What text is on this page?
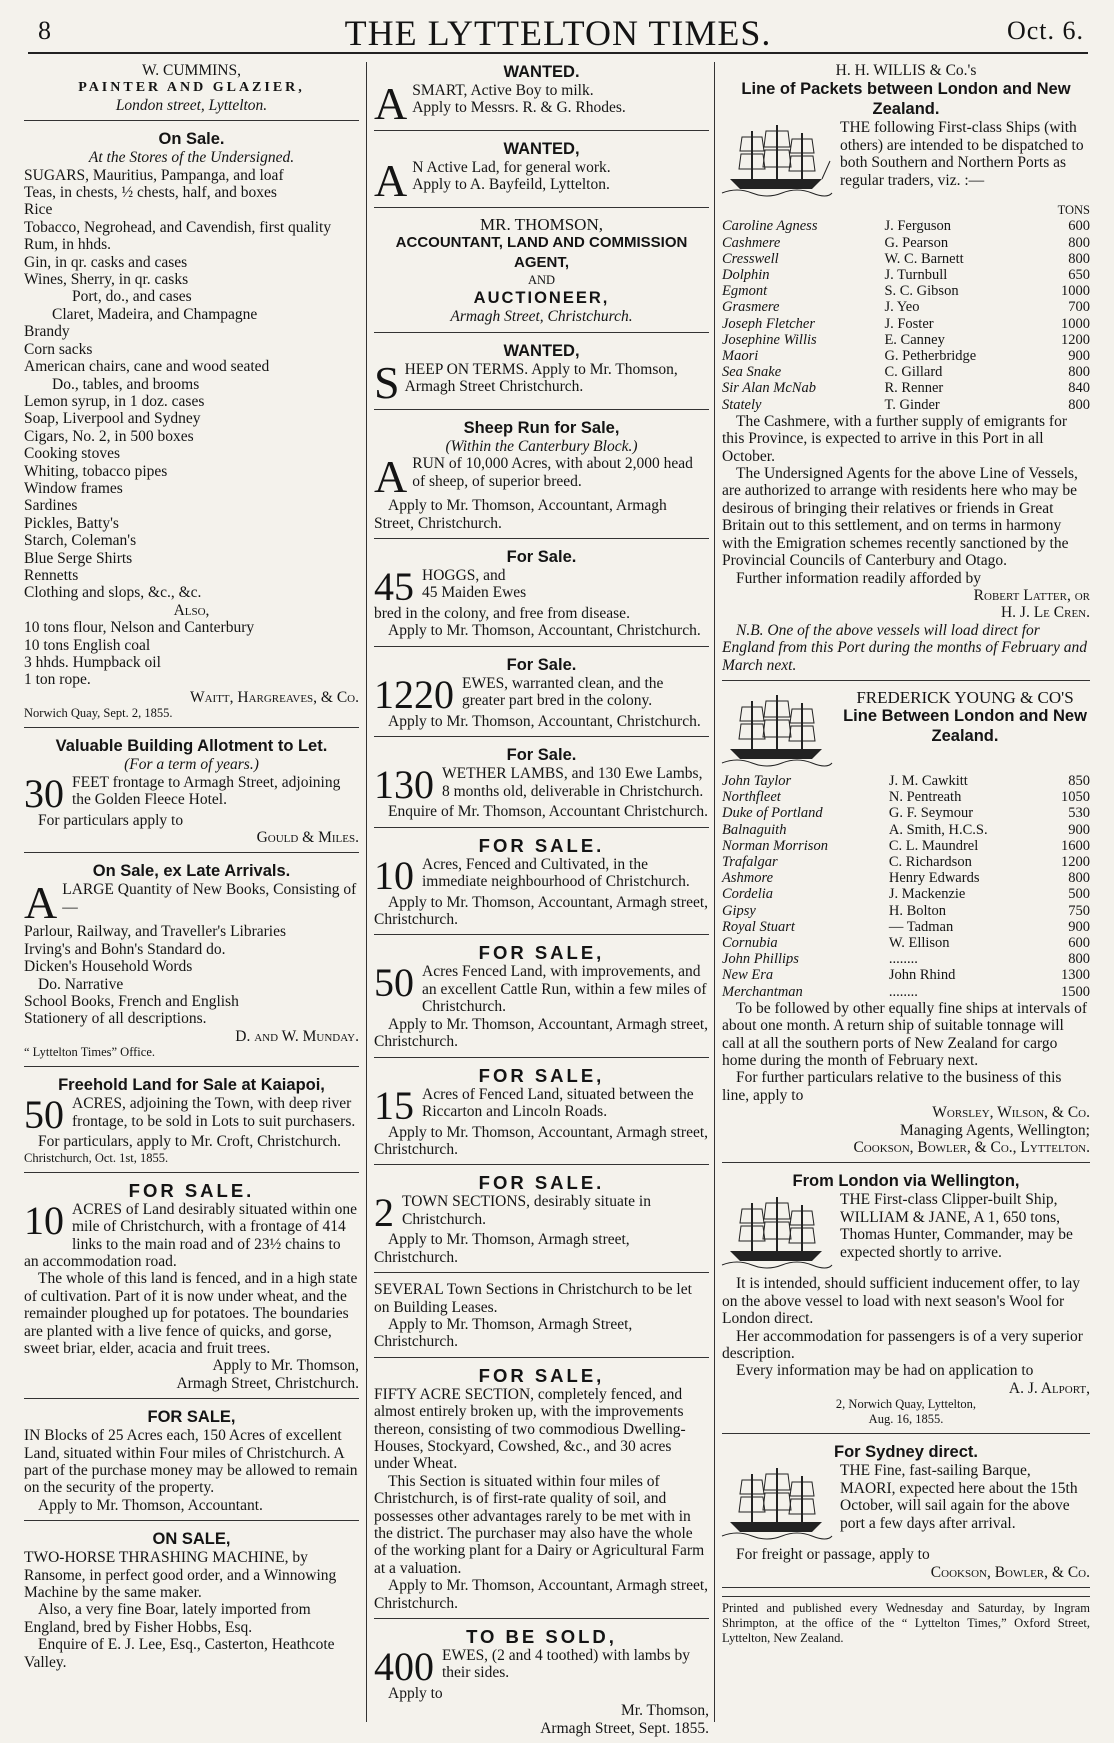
8	THE LYTTELTON TIMES.	Oct. 6.
W. CUMMINS,
PAINTER AND GLAZIER,
London street, Lyttelton.
On Sale.
At the Stores of the Undersigned.
SUGARS, Mauritius, Pampanga, and loaf
Teas, in chests, ½ chests, half, and boxes
Rice
Tobacco, Negrohead, and Cavendish, first quality
Rum, in hhds.
Gin, in qr. casks and cases
Wines, Sherry, in qr. casks
Port, do., and cases
Claret, Madeira, and Champagne
Brandy
Corn sacks
American chairs, cane and wood seated
Do., tables, and brooms
Lemon syrup, in 1 doz. cases
Soap, Liverpool and Sydney
Cigars, No. 2, in 500 boxes
Cooking stoves
Whiting, tobacco pipes
Window frames
Sardines
Pickles, Batty's
Starch, Coleman's
Blue Serge Shirts
Rennetts
Clothing and slops, &c., &c.
Also,
10 tons flour, Nelson and Canterbury
10 tons English coal
3 hhds. Humpback oil
1 ton rope.
Waitt, Hargreaves, & Co.
Norwich Quay, Sept. 2, 1855.
Valuable Building Allotment to Let.
(For a term of years.)
30 FEET frontage to Armagh Street, adjoining the Golden Fleece Hotel.
For particulars apply to
Gould & Miles.
On Sale, ex Late Arrivals.
A LARGE Quantity of New Books, Consisting of—
Parlour, Railway, and Traveller's Libraries
Irving's and Bohn's Standard do.
Dicken's Household Words
Do. Narrative
School Books, French and English
Stationery of all descriptions.
D. and W. Munday.
“ Lyttelton Times” Office.
Freehold Land for Sale at Kaiapoi,
50 ACRES, adjoining the Town, with deep river frontage, to be sold in Lots to suit purchasers.
For particulars, apply to Mr. Croft, Christchurch.
Christchurch, Oct. 1st, 1855.
FOR SALE.
10 ACRES of Land desirably situated within one mile of Christchurch, with a frontage of 414 links to the main road and of 23½ chains to an accommodation road.
The whole of this land is fenced, and in a high state of cultivation. Part of it is now under wheat, and the remainder ploughed up for potatoes. The boundaries are planted with a live fence of quicks, and gorse, sweet briar, elder, acacia and fruit trees.
Apply to Mr. Thomson,
Armagh Street, Christchurch.
FOR SALE,
IN Blocks of 25 Acres each, 150 Acres of excellent Land, situated within Four miles of Christchurch. A part of the purchase money may be allowed to remain on the security of the property.
Apply to Mr. Thomson, Accountant.
ON SALE,
TWO-HORSE THRASHING MACHINE, by Ransome, in perfect good order, and a Winnowing Machine by the same maker.
Also, a very fine Boar, lately imported from England, bred by Fisher Hobbs, Esq.
Enquire of E. J. Lee, Esq., Casterton, Heathcote Valley.
WANTED.
A SMART, Active Boy to milk.
Apply to Messrs. R. & G. Rhodes.
WANTED,
A N Active Lad, for general work.
Apply to A. Bayfeild, Lyttelton.
MR. THOMSON,
ACCOUNTANT, LAND AND COMMISSION AGENT,
AND
AUCTIONEER,
Armagh Street, Christchurch.
WANTED,
S HEEP ON TERMS. Apply to Mr. Thomson, Armagh Street Christchurch.
Sheep Run for Sale,
(Within the Canterbury Block.)
A RUN of 10,000 Acres, with about 2,000 head of sheep, of superior breed.
Apply to Mr. Thomson, Accountant, Armagh Street, Christchurch.
For Sale.
45 HOGGS, and
45 Maiden Ewes
bred in the colony, and free from disease.
Apply to Mr. Thomson, Accountant, Christchurch.
For Sale.
1220 EWES, warranted clean, and the greater part bred in the colony.
Apply to Mr. Thomson, Accountant, Christchurch.
For Sale.
130 WETHER LAMBS, and 130 Ewe Lambs, 8 months old, deliverable in Christchurch.
Enquire of Mr. Thomson, Accountant Christchurch.
FOR SALE.
10 Acres, Fenced and Cultivated, in the immediate neighbourhood of Christchurch.
Apply to Mr. Thomson, Accountant, Armagh street, Christchurch.
FOR SALE,
50 Acres Fenced Land, with improvements, and an excellent Cattle Run, within a few miles of Christchurch.
Apply to Mr. Thomson, Accountant, Armagh street, Christchurch.
FOR SALE,
15 Acres of Fenced Land, situated between the Riccarton and Lincoln Roads.
Apply to Mr. Thomson, Accountant, Armagh street, Christchurch.
FOR SALE.
2 TOWN SECTIONS, desirably situate in Christchurch.
Apply to Mr. Thomson, Armagh street, Christchurch.
SEVERAL Town Sections in Christchurch to be let on Building Leases.
Apply to Mr. Thomson, Armagh Street, Christchurch.
FOR SALE,
FIFTY ACRE SECTION, completely fenced, and almost entirely broken up, with the improvements thereon, consisting of two commodious Dwelling-Houses, Stockyard, Cowshed, &c., and 30 acres under Wheat.
This Section is situated within four miles of Christchurch, is of first-rate quality of soil, and possesses other advantages rarely to be met with in the district. The purchaser may also have the whole of the working plant for a Dairy or Agricultural Farm at a valuation.
Apply to Mr. Thomson, Accountant, Armagh street, Christchurch.
TO BE SOLD,
400 EWES, (2 and 4 toothed) with lambs by their sides.
Apply to
Mr. Thomson,
Armagh Street, Sept. 1855.
H. H. WILLIS & Co.'s
Line of Packets between London and New Zealand.
THE following First-class Ships (with others) are intended to be dispatched to both Southern and Northern Ports as regular traders, viz. :—
TONS
Caroline Agness	J. Ferguson	600
Cashmere	G. Pearson	800
Cresswell	W. C. Barnett	800
Dolphin	J. Turnbull	650
Egmont	S. C. Gibson	1000
Grasmere	J. Yeo	700
Joseph Fletcher	J. Foster	1000
Josephine Willis	E. Canney	1200
Maori	G. Petherbridge	900
Sea Snake	C. Gillard	800
Sir Alan McNab	R. Renner	840
Stately	T. Ginder	800
The Cashmere, with a further supply of emigrants for this Province, is expected to arrive in this Port in all October.
The Undersigned Agents for the above Line of Vessels, are authorized to arrange with residents here who may be desirous of bringing their relatives or friends in Great Britain out to this settlement, and on terms in harmony with the Emigration schemes recently sanctioned by the Provincial Councils of Canterbury and Otago.
Further information readily afforded by
Robert Latter, or
H. J. Le Cren.
N.B. One of the above vessels will load direct for England from this Port during the months of February and March next.
FREDERICK YOUNG & CO'S
Line Between London and New Zealand.
John Taylor	J. M. Cawkitt	850
Northfleet	N. Pentreath	1050
Duke of Portland	G. F. Seymour	530
Balnaguith	A. Smith, H.C.S.	900
Norman Morrison	C. L. Maundrel	1600
Trafalgar	C. Richardson	1200
Ashmore	Henry Edwards	800
Cordelia	J. Mackenzie	500
Gipsy	H. Bolton	750
Royal Stuart	— Tadman	900
Cornubia	W. Ellison	600
John Phillips	........	800
New Era	John Rhind	1300
Merchantman	........	1500
To be followed by other equally fine ships at intervals of about one month. A return ship of suitable tonnage will call at all the southern ports of New Zealand for cargo home during the month of February next.
For further particulars relative to the business of this line, apply to
Worsley, Wilson, & Co.
Managing Agents, Wellington;
Cookson, Bowler, & Co., Lyttelton.
From London via Wellington,
THE First-class Clipper-built Ship, WILLIAM & JANE, A 1, 650 tons, Thomas Hunter, Commander, may be expected shortly to arrive.
It is intended, should sufficient inducement offer, to lay on the above vessel to load with next season's Wool for London direct.
Her accommodation for passengers is of a very superior description.
Every information may be had on application to
A. J. Alport,
2, Norwich Quay, Lyttelton,
Aug. 16, 1855.
For Sydney direct.
THE Fine, fast-sailing Barque, MAORI, expected here about the 15th October, will sail again for the above port a few days after arrival.
For freight or passage, apply to
Cookson, Bowler, & Co.
Printed and published every Wednesday and Saturday, by Ingram Shrimpton, at the office of the “ Lyttelton Times,” Oxford Street, Lyttelton, New Zealand.
